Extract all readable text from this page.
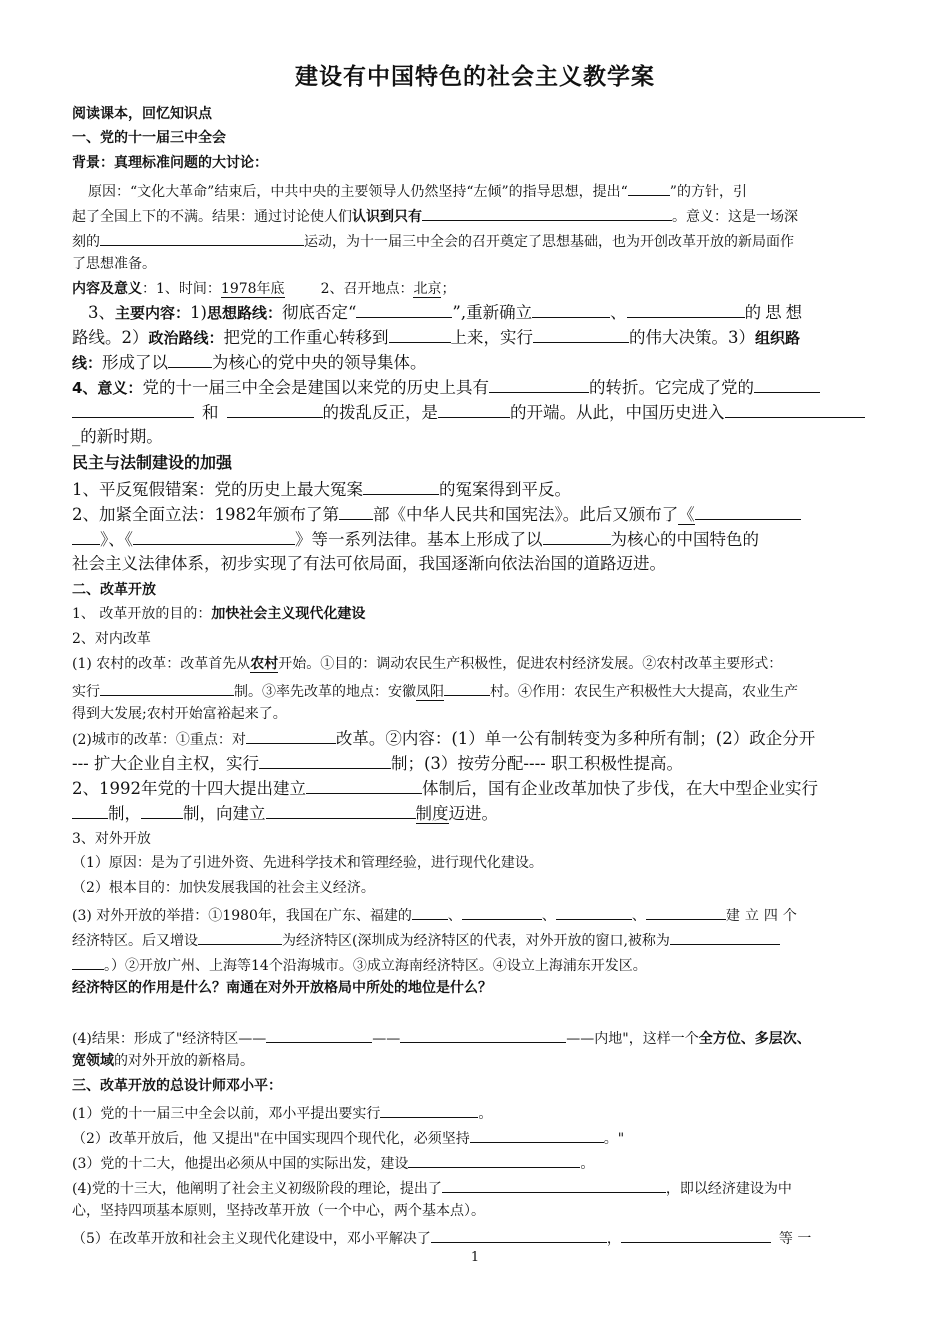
建设有中国特色的社会主义教学案
阅读课本，回忆知识点
一、党的十一届三中全会
背景：真理标准问题的大讨论：
原因：“文化大革命”结束后，中共中央的主要领导人仍然坚持“左倾”的指导思想，提出“	”的方针，引
起了全国上下的不满。结果：通过讨论使人们认识到只有	。意义：这是一场深
刻的	运动，为十一届三中全会的召开奠定了思想基础，也为开创改革开放的新局面作
了思想准备。
内容及意义：1、时间：1978年底	2、召开地点：北京；
3、主要内容：1)思想路线：彻底否定“	”,重新确立	、	的思想
路线。2）政治路线：把党的工作重心转移到	上来，实行	的伟大决策。3）组织路
线：形成了以	为核心的党中央的领导集体。
4、意义：党的十一届三中全会是建国以来党的历史上具有	的转折。它完成了党的
和	的拨乱反正，是	的开端。从此，中国历史进入
_的新时期。
民主与法制建设的加强
1、平反冤假错案：党的历史上最大冤案	的冤案得到平反。
2、加紧全面立法：1982年颁布了第 部《中华人民共和国宪法》。此后又颁布了《
》、《	》等一系列法律。基本上形成了以	为核心的中国特色的
社会主义法律体系，初步实现了有法可依局面，我国逐渐向依法治国的道路迈进。
二、改革开放
1、 改革开放的目的：加快社会主义现代化建设
2、对内改革
(1) 农村的改革：改革首先从农村开始。①目的：调动农民生产积极性，促进农村经济发展。②农村改革主要形式：
实行	制。③率先改革的地点：安徽凤阳	村。④作用：农民生产积极性大大提高，农业生产
得到大发展;农村开始富裕起来了。
(2)城市的改革：①重点：对	改革。②内容：(1）单一公有制转变为多种所有制；(2）政企分开
--- 扩大企业自主权，实行	制；(3）按劳分配---- 职工积极性提高。
2、1992年党的十四大提出建立	体制后，国有企业改革加快了步伐，在大中型企业实行
制，	制，向建立	制度迈进。
3、对外开放
（1）原因：是为了引进外资、先进科学技术和管理经验，进行现代化建设。
（2）根本目的：加快发展我国的社会主义经济。
(3) 对外开放的举措：①1980年，我国在广东、福建的	、	、	、	建立四个
经济特区。后又增设	为经济特区(深圳成为经济特区的代表，对外开放的窗口,被称为
。）②开放广州、上海等14个沿海城市。③成立海南经济特区。④设立上海浦东开发区。
经济特区的作用是什么？南通在对外开放格局中所处的地位是什么？
(4)结果：形成了"经济特区——	——	——内地"，这样一个全方位、多层次、
宽领域的对外开放的新格局。
三、改革开放的总设计师邓小平：
(1）党的十一届三中全会以前，邓小平提出要实行	。
（2）改革开放后，他 又提出"在中国实现四个现代化，必须坚持	。"
(3）党的十二大，他提出必须从中国的实际出发，建设	。
(4)党的十三大，他阐明了社会主义初级阶段的理论，提出了	，即以经济建设为中
心，坚持四项基本原则，坚持改革开放（一个中心，两个基本点）。
（5）在改革开放和社会主义现代化建设中，邓小平解决了	，	等 一
1
